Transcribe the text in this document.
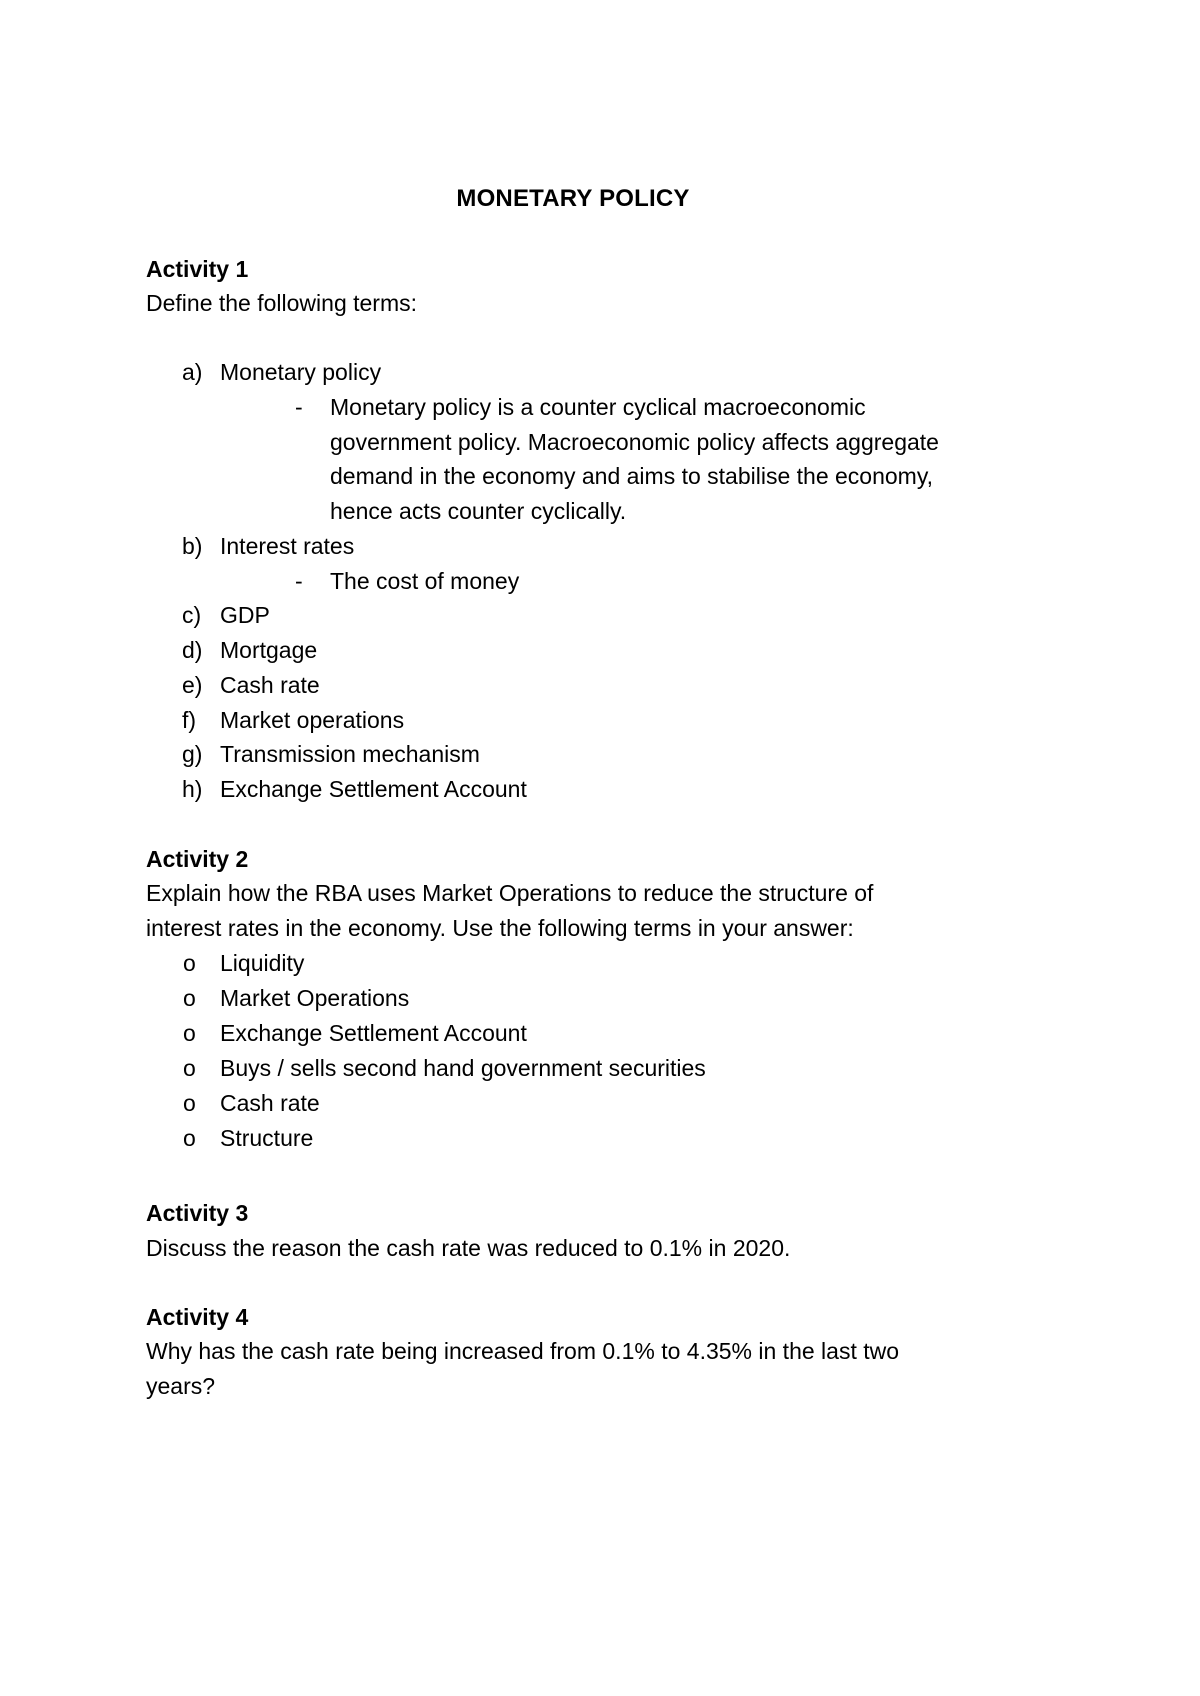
MONETARY POLICY
Activity 1
Define the following terms:
a) Monetary policy
- Monetary policy is a counter cyclical macroeconomic
government policy. Macroeconomic policy affects aggregate
demand in the economy and aims to stabilise the economy,
hence acts counter cyclically.
b) Interest rates
- The cost of money
c) GDP
d) Mortgage
e) Cash rate
f) Market operations
g) Transmission mechanism
h) Exchange Settlement Account
Activity 2
Explain how the RBA uses Market Operations to reduce the structure of
interest rates in the economy. Use the following terms in your answer:
o Liquidity
o Market Operations
o Exchange Settlement Account
o Buys / sells second hand government securities
o Cash rate
o Structure
Activity 3
Discuss the reason the cash rate was reduced to 0.1% in 2020.
Activity 4
Why has the cash rate being increased from 0.1% to 4.35% in the last two
years?
